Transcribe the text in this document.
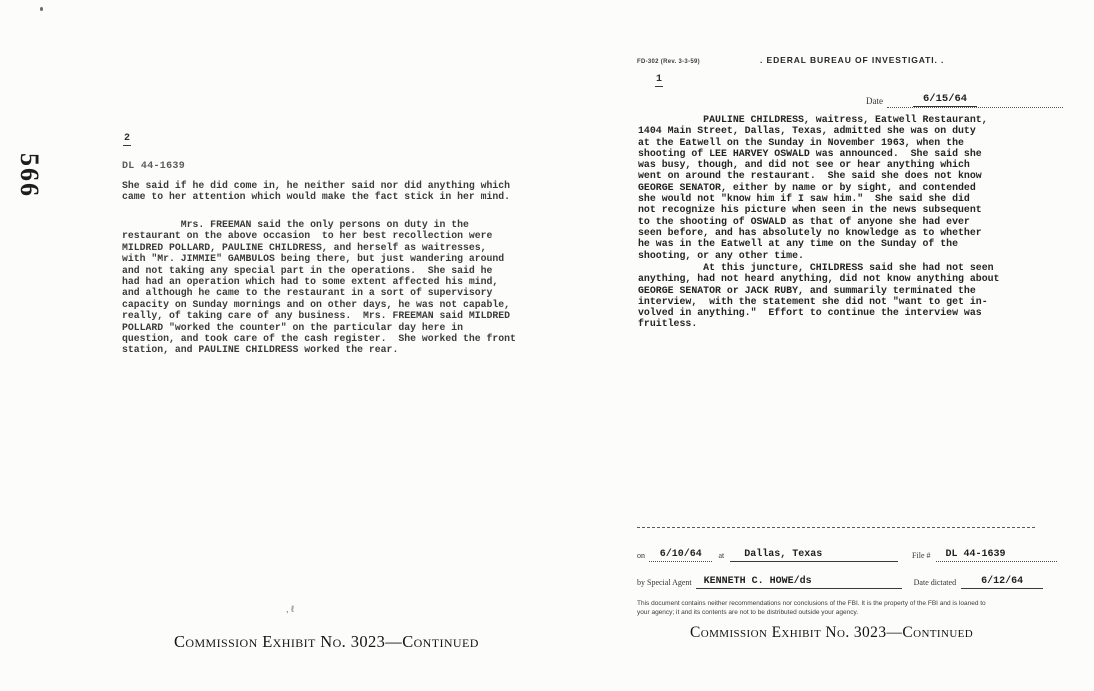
566
2
DL 44-1639
She said if he did come in, he neither said nor did anything which
came to her attention which would make the fact stick in her mind.
Mrs. FREEMAN said the only persons on duty in the
restaurant on the above occasion  to her best recollection were
MILDRED POLLARD, PAULINE CHILDRESS, and herself as waitresses,
with "Mr. JIMMIE" GAMBULOS being there, but just wandering around
and not taking any special part in the operations.  She said he
had had an operation which had to some extent affected his mind,
and although he came to the restaurant in a sort of supervisory
capacity on Sunday mornings and on other days, he was not capable,
really, of taking care of any business.  Mrs. FREEMAN said MILDRED
POLLARD "worked the counter" on the particular day here in
question, and took care of the cash register.  She worked the front
station, and PAULINE CHILDRESS worked the rear.
, ℓ
Commission Exhibit No. 3023—Continued
FD-302 (Rev. 3-3-59)	. EDERAL BUREAU OF INVESTIGATI. .
1
Date	6/15/64
PAULINE CHILDRESS, waitress, Eatwell Restaurant,
1404 Main Street, Dallas, Texas, admitted she was on duty
at the Eatwell on the Sunday in November 1963, when the
shooting of LEE HARVEY OSWALD was announced.  She said she
was busy, though, and did not see or hear anything which
went on around the restaurant.  She said she does not know
GEORGE SENATOR, either by name or by sight, and contended
she would not "know him if I saw him."  She said she did
not recognize his picture when seen in the news subsequent
to the shooting of OSWALD as that of anyone she had ever
seen before, and has absolutely no knowledge as to whether
he was in the Eatwell at any time on the Sunday of the
shooting, or any other time.
At this juncture, CHILDRESS said she had not seen
anything, had not heard anything, did not know anything about
GEORGE SENATOR or JACK RUBY, and summarily terminated the
interview,  with the statement she did not "want to get in-
volved in anything."  Effort to continue the interview was
fruitless.
on	6/10/64	at	Dallas, Texas	File #	DL 44-1639
by Special Agent	KENNETH C. HOWE/ds	Date dictated	6/12/64
This document contains neither recommendations nor conclusions of the FBI. It is the property of the FBI and is loaned to
your agency; it and its contents are not to be distributed outside your agency.
Commission Exhibit No. 3023—Continued
